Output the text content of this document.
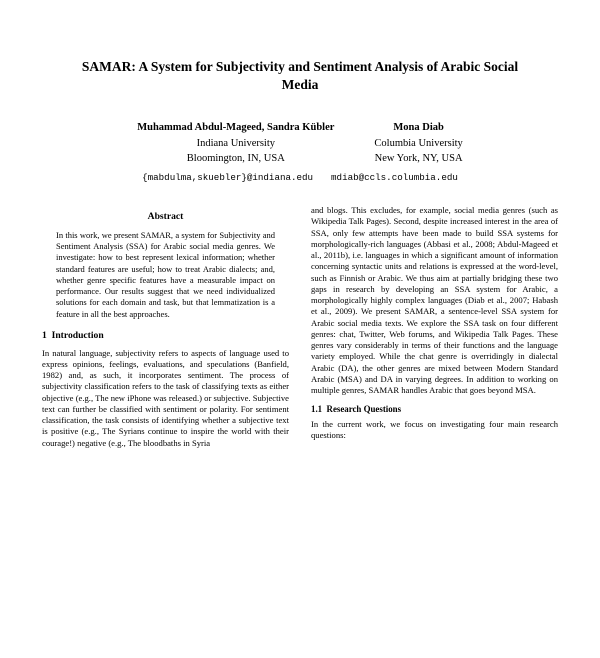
SAMAR: A System for Subjectivity and Sentiment Analysis of Arabic Social Media
Muhammad Abdul-Mageed, Sandra Kübler
Indiana University
Bloomington, IN, USA
Mona Diab
Columbia University
New York, NY, USA
{mabdulma,skuebler}@indiana.edu mdiab@ccls.columbia.edu
Abstract

In this work, we present SAMAR, a system for Subjectivity and Sentiment Analysis (SSA) for Arabic social media genres. We investigate: how to best represent lexical information; whether standard features are useful; how to treat Arabic dialects; and, whether genre specific features have a measurable impact on performance. Our results suggest that we need individualized solutions for each domain and task, but that lemmatization is a feature in all the best approaches.

1 Introduction

In natural language, subjectivity refers to aspects of language used to express opinions, feelings, evaluations, and speculations (Banfield, 1982) and, as such, it incorporates sentiment. The process of subjectivity classification refers to the task of classifying texts as either objective (e.g., The new iPhone was released.) or subjective. Subjective text can further be classified with sentiment or polarity. For sentiment classification, the task consists of identifying whether a subjective text is positive (e.g., The Syrians continue to inspire the world with their courage!) negative (e.g., The bloodbaths in Syria

and blogs. This excludes, for example, social media genres (such as Wikipedia Talk Pages). Second, despite increased interest in the area of SSA, only few attempts have been made to build SSA systems for morphologically-rich languages (Abbasi et al., 2008; Abdul-Mageed et al., 2011b), i.e. languages in which a significant amount of information concerning syntactic units and relations is expressed at the word-level, such as Finnish or Arabic. We thus aim at partially bridging these two gaps in research by developing an SSA system for Arabic, a morphologically highly complex languages (Diab et al., 2007; Habash et al., 2009). We present SAMAR, a sentence-level SSA system for Arabic social media texts. We explore the SSA task on four different genres: chat, Twitter, Web forums, and Wikipedia Talk Pages. These genres vary considerably in terms of their functions and the language variety employed. While the chat genre is overridingly in dialectal Arabic (DA), the other genres are mixed between Modern Standard Arabic (MSA) and DA in varying degrees. In addition to working on multiple genres, SAMAR handles Arabic that goes beyond MSA.

1.1 Research Questions

In the current work, we focus on investigating four main research questions:
